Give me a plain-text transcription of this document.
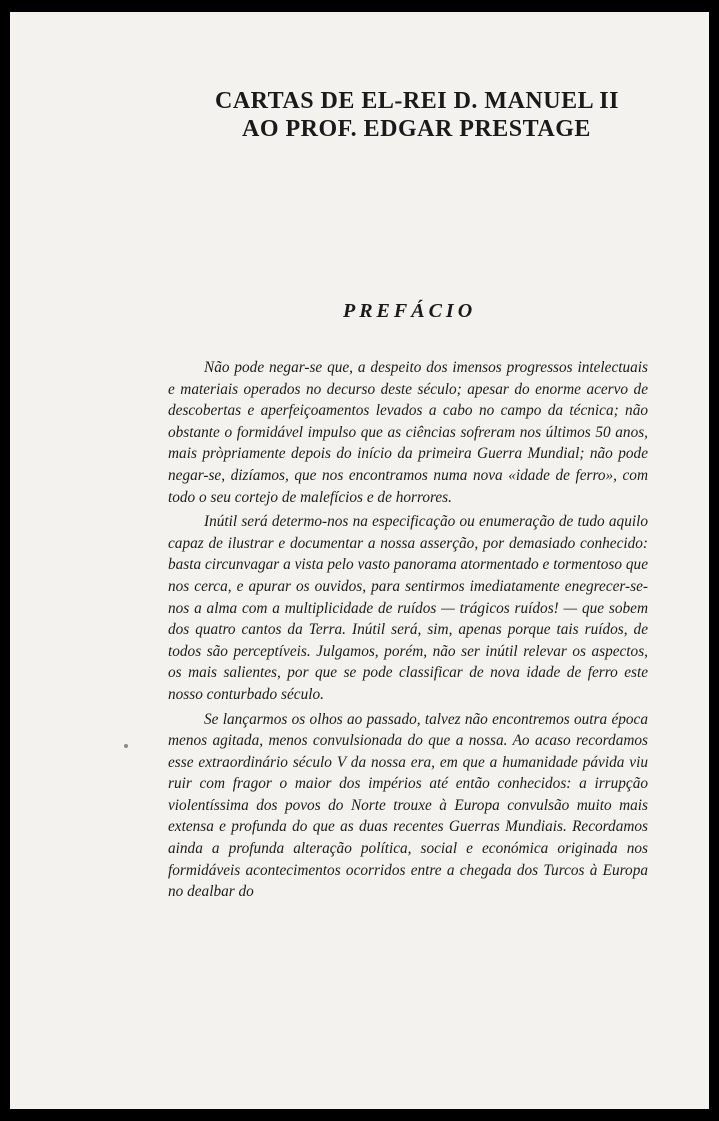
CARTAS DE EL-REI D. MANUEL II
AO PROF. EDGAR PRESTAGE
PREFÁCIO

Não pode negar-se que, a despeito dos imensos progressos intelectuais e materiais operados no decurso deste século; apesar do enorme acervo de descobertas e aperfeiçoamentos levados a cabo no campo da técnica; não obstante o formidável impulso que as ciências sofreram nos últimos 50 anos, mais pròpriamente depois do início da primeira Guerra Mundial; não pode negar-se, dizíamos, que nos encontramos numa nova «idade de ferro», com todo o seu cortejo de malefícios e de horrores.

Inútil será determo-nos na especificação ou enumeração de tudo aquilo capaz de ilustrar e documentar a nossa asserção, por demasiado conhecido: basta circunvagar a vista pelo vasto panorama atormentado e tormentoso que nos cerca, e apurar os ouvidos, para sentirmos imediatamente enegrecer-se-nos a alma com a multiplicidade de ruídos — trágicos ruídos! — que sobem dos quatro cantos da Terra. Inútil será, sim, apenas porque tais ruídos, de todos são perceptíveis. Julgamos, porém, não ser inútil relevar os aspectos, os mais salientes, por que se pode classificar de nova idade de ferro este nosso conturbado século.

Se lançarmos os olhos ao passado, talvez não encontremos outra época menos agitada, menos convulsionada do que a nossa. Ao acaso recordamos esse extraordinário século V da nossa era, em que a humanidade pávida viu ruir com fragor o maior dos impérios até então conhecidos: a irrupção violentíssima dos povos do Norte trouxe à Europa convulsão muito mais extensa e profunda do que as duas recentes Guerras Mundiais. Recordamos ainda a profunda alteração política, social e económica originada nos formidáveis acontecimentos ocorridos entre a chegada dos Turcos à Europa no dealbar do
